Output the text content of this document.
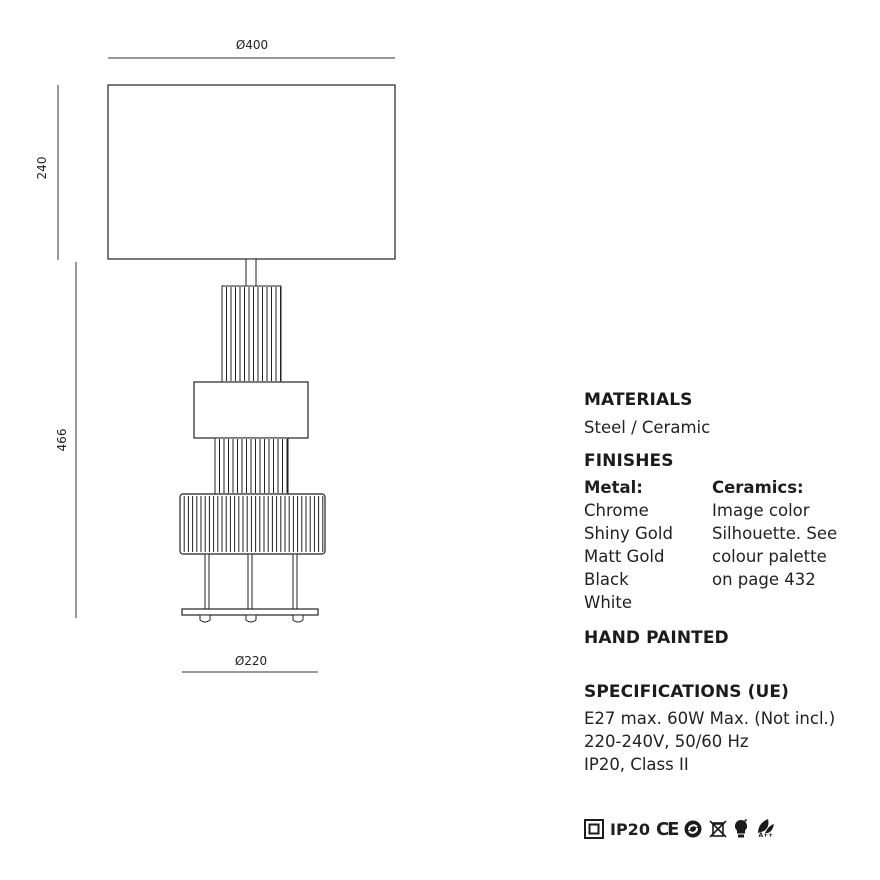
Ø400
240
466
Ø220
MATERIALS
Steel / Ceramic
FINISHES
Metal:
Chrome
Shiny Gold
Matt Gold
Black
White
Ceramics:
Image color
Silhouette. See
colour palette
on page 432
HAND PAINTED
SPECIFICATIONS (UE)
E27 max. 60W Max. (Not incl.)
220-240V, 50/60 Hz
IP20, Class II
IP20 CE	A++
